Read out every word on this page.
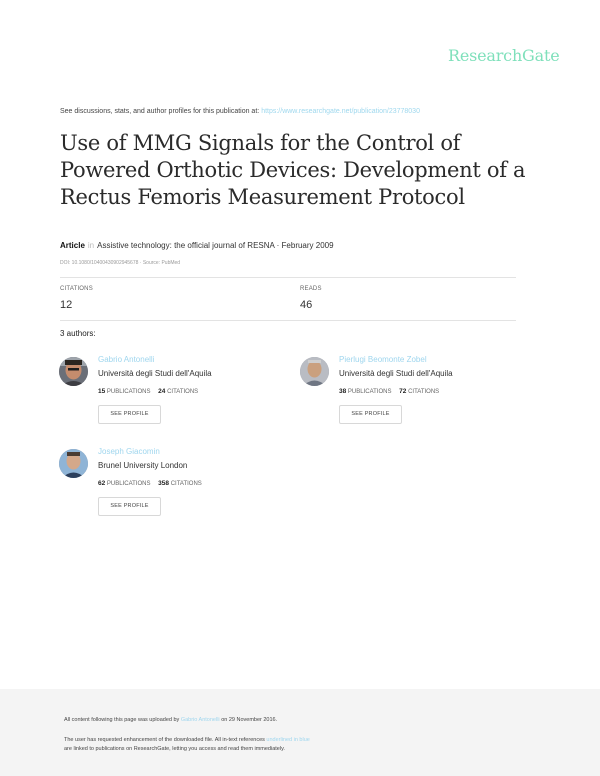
ResearchGate
See discussions, stats, and author profiles for this publication at: https://www.researchgate.net/publication/23778030
Use of MMG Signals for the Control of Powered Orthotic Devices: Development of a Rectus Femoris Measurement Protocol
Article in Assistive technology: the official journal of RESNA · February 2009
DOI: 10.1080/10400430902945678 · Source: PubMed
CITATIONS
12
READS
46
3 authors:
Gabrio Antonelli
Università degli Studi dell'Aquila
15 PUBLICATIONS 24 CITATIONS
SEE PROFILE
Pierlugi Beomonte Zobel
Università degli Studi dell'Aquila
38 PUBLICATIONS 72 CITATIONS
SEE PROFILE
Joseph Giacomin
Brunel University London
62 PUBLICATIONS 358 CITATIONS
SEE PROFILE
All content following this page was uploaded by Gabrio Antonelli on 29 November 2016.
The user has requested enhancement of the downloaded file. All in-text references underlined in blue
are linked to publications on ResearchGate, letting you access and read them immediately.
